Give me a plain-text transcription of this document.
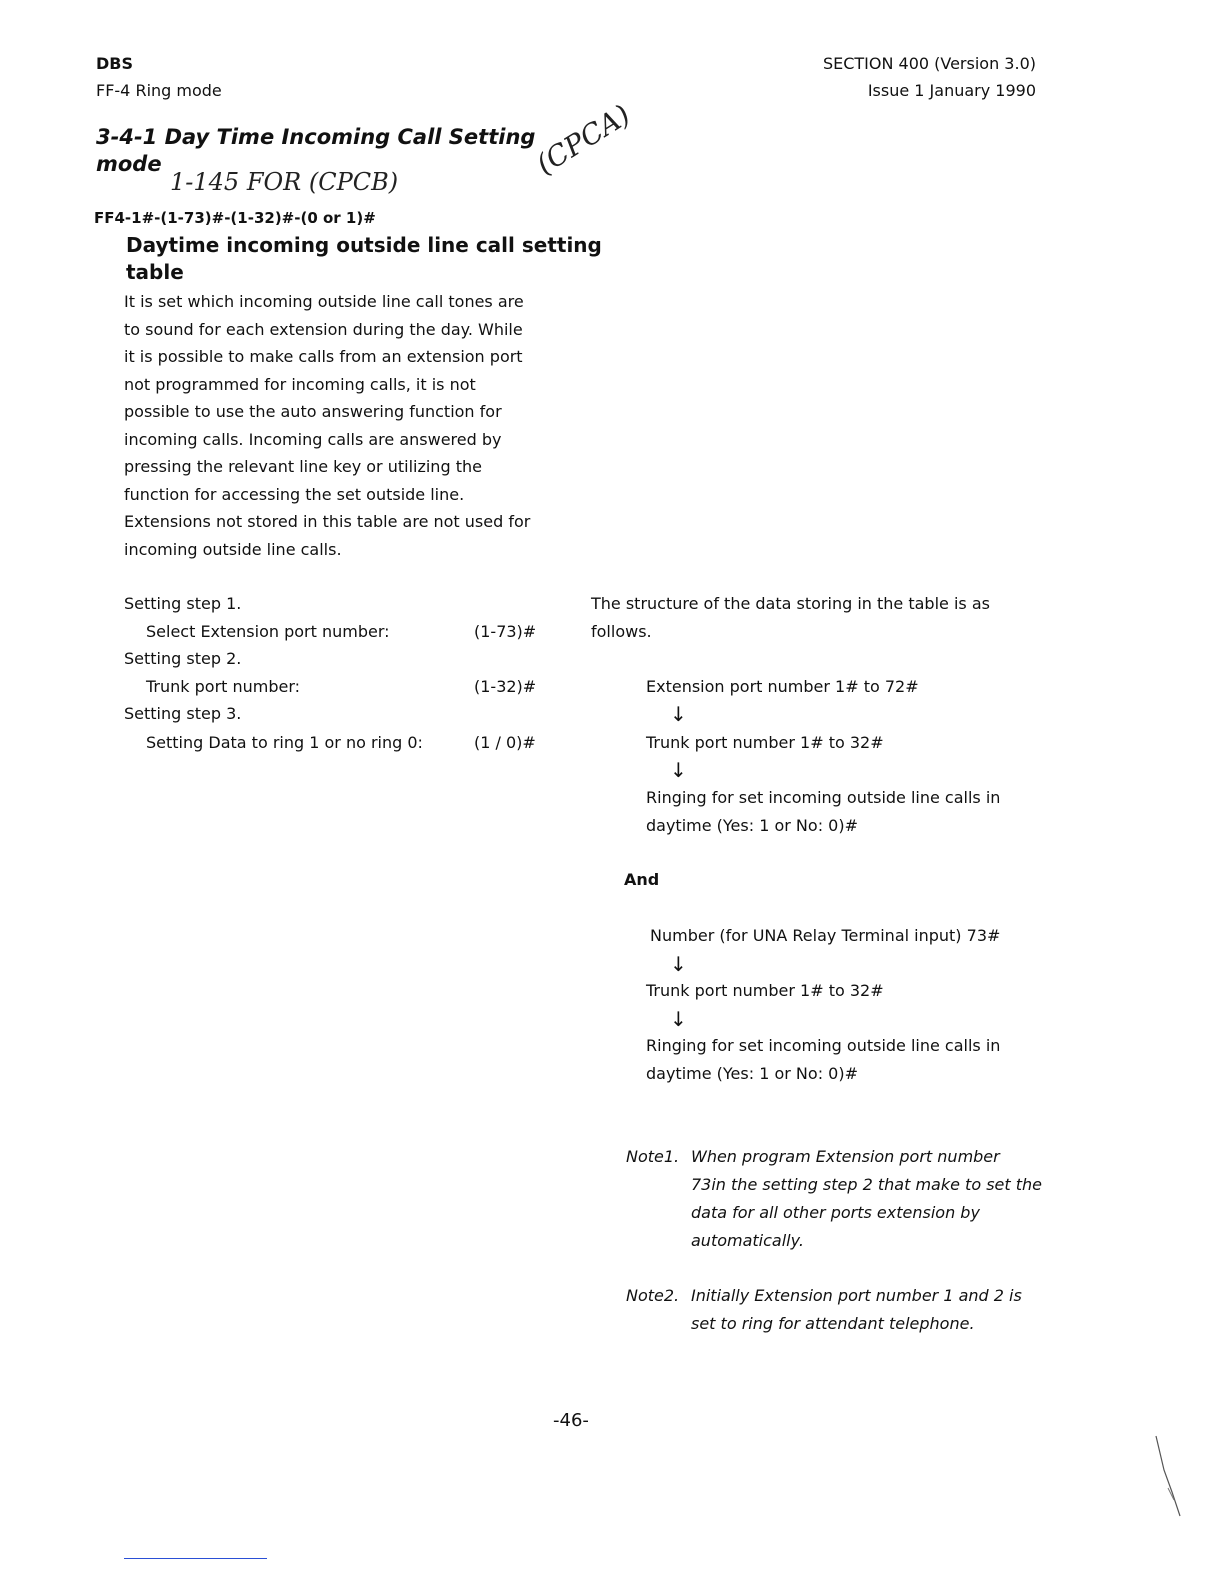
DBS
FF-4 Ring mode
SECTION 400 (Version 3.0)
Issue 1 January 1990
3-4-1 Day Time Incoming Call Setting
mode
1-145 FOR (CPCB)
(CPCA)
FF4-1#-(1-73)#-(1-32)#-(0 or 1)#
Daytime incoming outside line call setting
table
It is set which incoming outside line call tones are
to sound for each extension during the day. While
it is possible to make calls from an extension port
not programmed for incoming calls, it is not
possible to use the auto answering function for
incoming calls. Incoming calls are answered by
pressing the relevant line key or utilizing the
function for accessing the set outside line.
Extensions not stored in this table are not used for
incoming outside line calls.
Setting step 1.
Select Extension port number:	(1-73)#
Setting step 2.
Trunk port number:	(1-32)#
Setting step 3.
Setting Data to ring 1 or no ring 0:	(1 / 0)#
The structure of the data storing in the table is as
follows.
Extension port number 1# to 72#
↓
Trunk port number 1# to 32#
↓
Ringing for set incoming outside line calls in
daytime (Yes: 1 or No: 0)#
And
Number (for UNA Relay Terminal input) 73#
↓
Trunk port number 1# to 32#
↓
Ringing for set incoming outside line calls in
daytime (Yes: 1 or No: 0)#
Note1. When program Extension port number
73in the setting step 2 that make to set the
data for all other ports extension by
automatically.
Note2. Initially Extension port number 1 and 2 is
set to ring for attendant telephone.
-46-
